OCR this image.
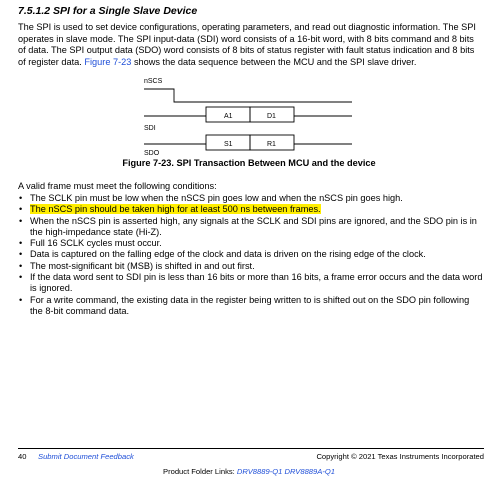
7.5.1.2 SPI for a Single Slave Device
The SPI is used to set device configurations, operating parameters, and read out diagnostic information. The SPI operates in slave mode. The SPI input-data (SDI) word consists of a 16-bit word, with 8 bits command and 8 bits of data. The SPI output data (SDO) word consists of 8 bits of status register with fault status indication and 8 bits of register data. Figure 7-23 shows the data sequence between the MCU and the SPI slave driver.
nSCS
A1	D1
SDI
S1	R1
SDO
Figure 7-23. SPI Transaction Between MCU and the device
A valid frame must meet the following conditions:
• The SCLK pin must be low when the nSCS pin goes low and when the nSCS pin goes high.
• The nSCS pin should be taken high for at least 500 ns between frames.
• When the nSCS pin is asserted high, any signals at the SCLK and SDI pins are ignored, and the SDO pin is in the high-impedance state (Hi-Z).
• Full 16 SCLK cycles must occur.
• Data is captured on the falling edge of the clock and data is driven on the rising edge of the clock.
• The most-significant bit (MSB) is shifted in and out first.
• If the data word sent to SDI pin is less than 16 bits or more than 16 bits, a frame error occurs and the data word is ignored.
• For a write command, the existing data in the register being written to is shifted out on the SDO pin following the 8-bit command data.
40 Submit Document Feedback	Copyright © 2021 Texas Instruments Incorporated
Product Folder Links: DRV8889-Q1 DRV8889A-Q1
